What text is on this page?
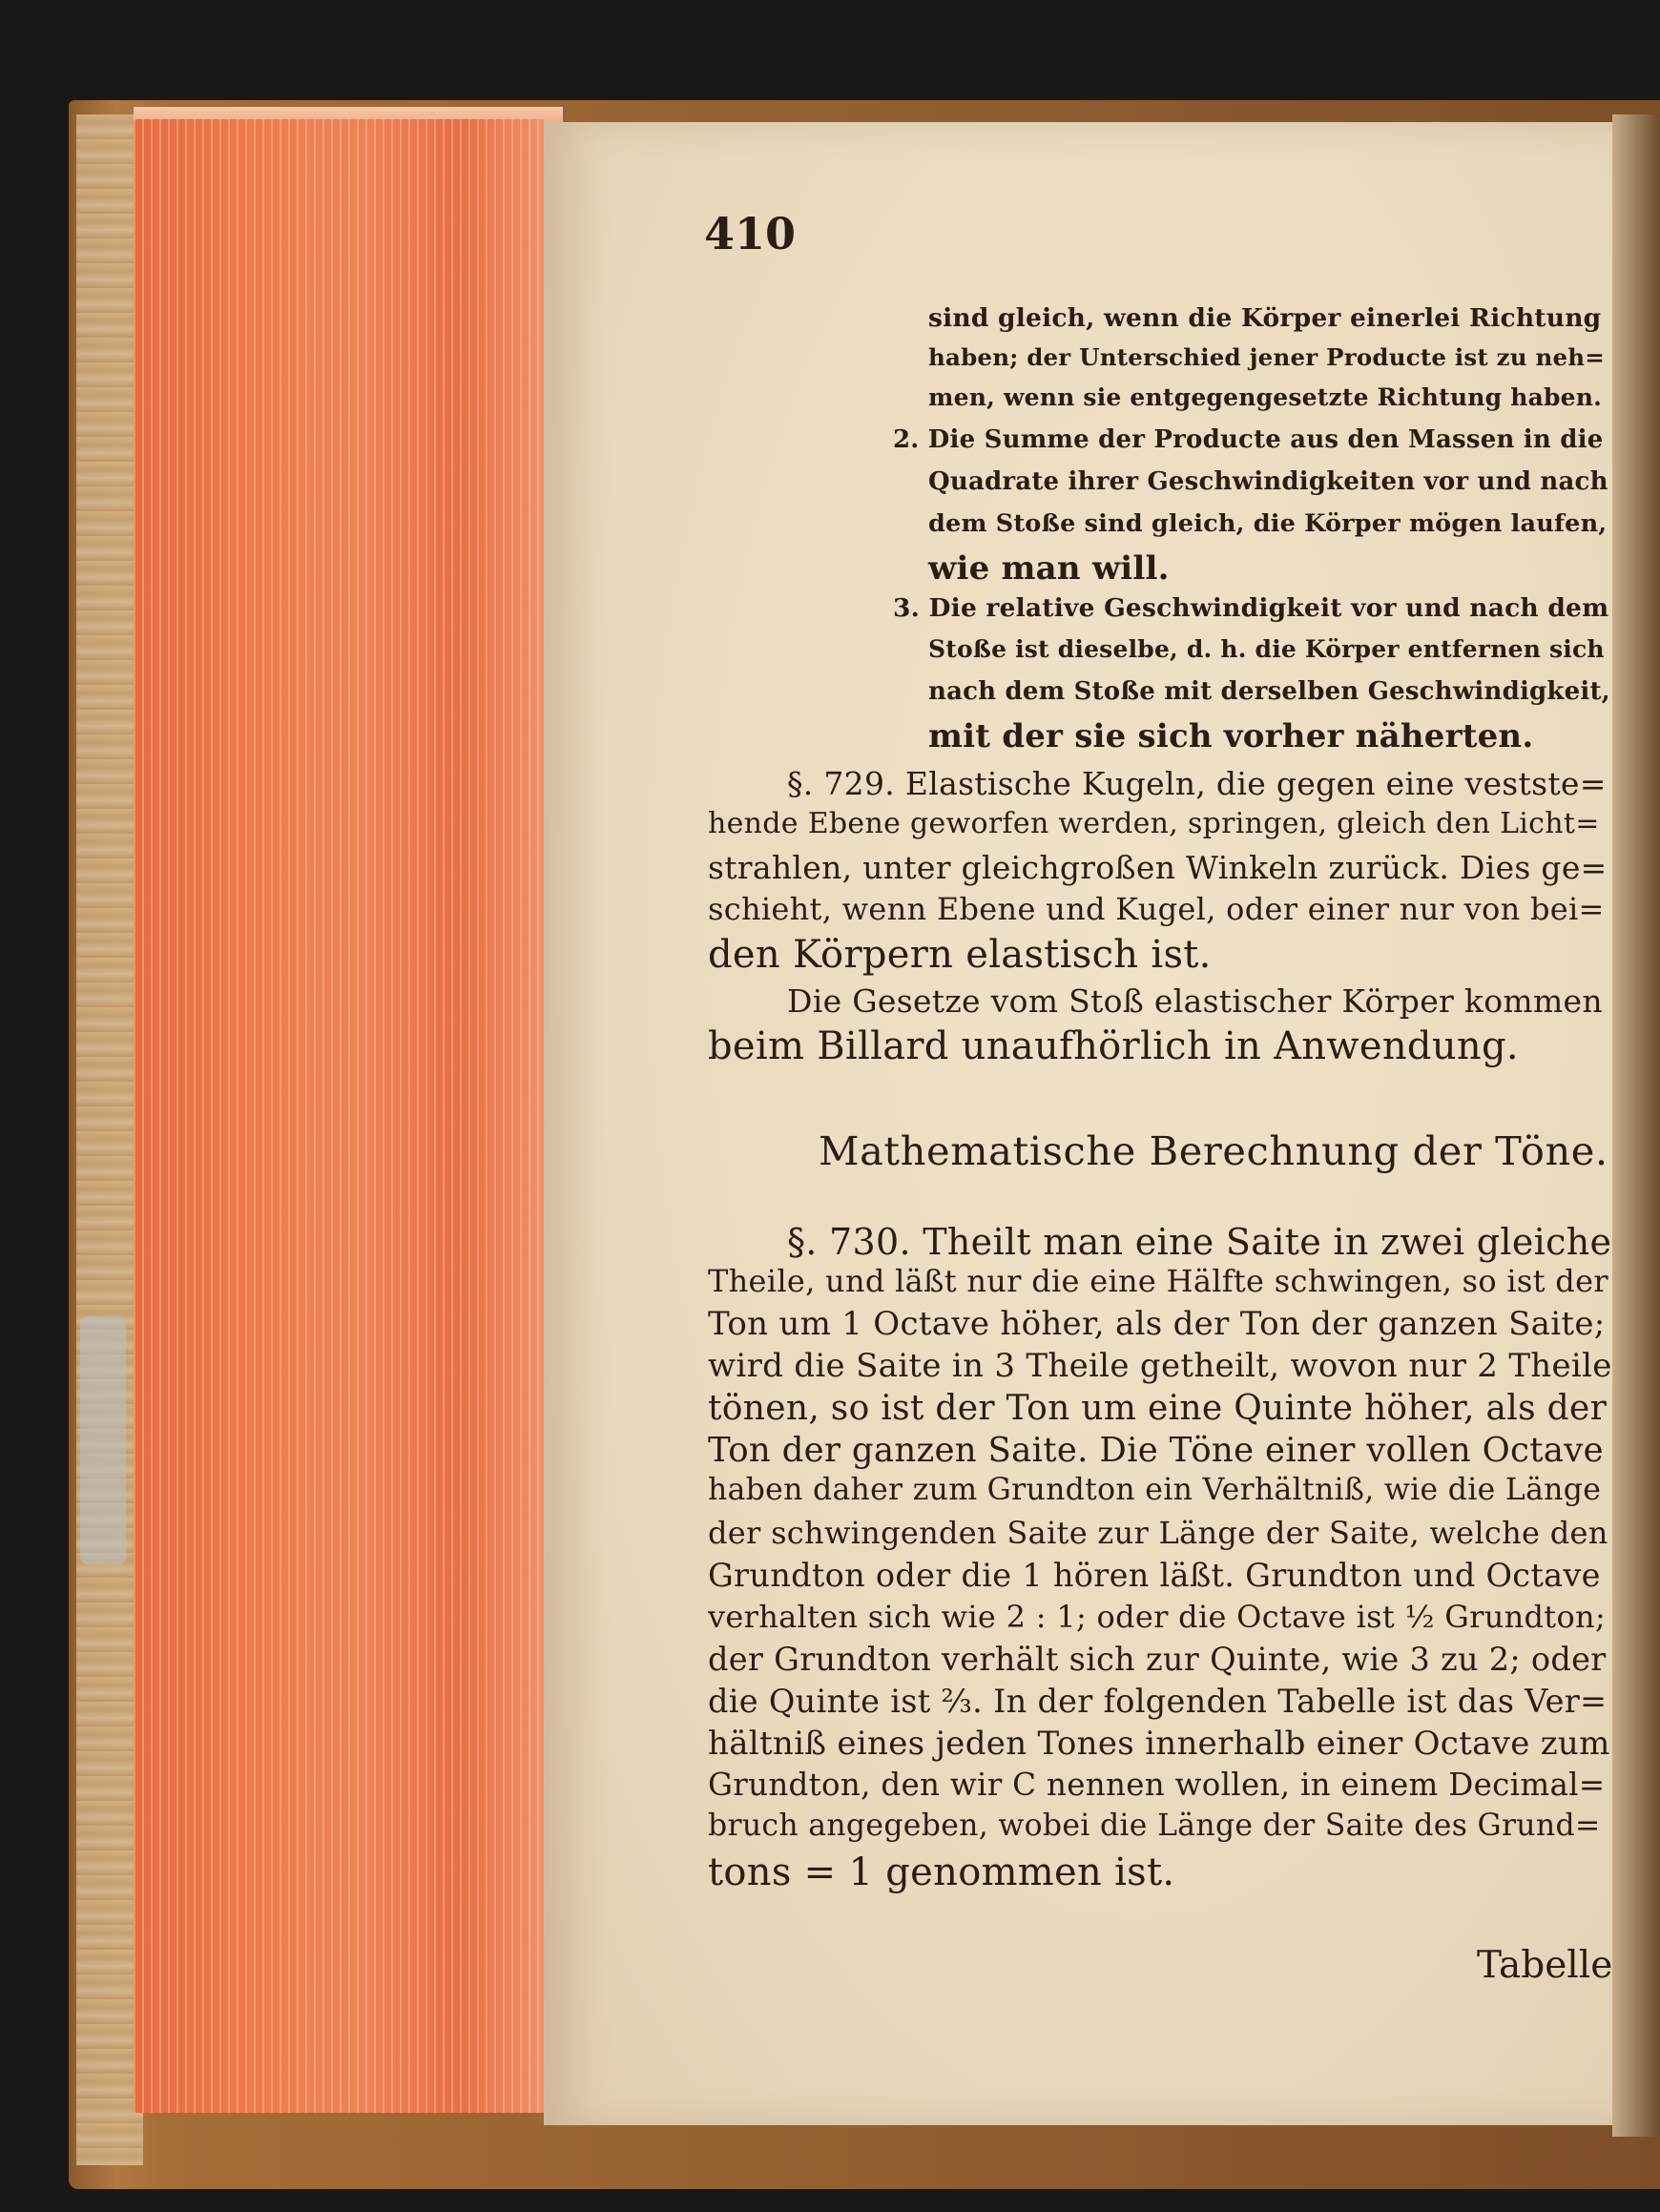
410
sind gleich, wenn die Körper einerlei Richtung
haben; der Unterschied jener Producte ist zu neh=
men, wenn sie entgegengesetzte Richtung haben.
2. Die Summe der Producte aus den Massen in die
Quadrate ihrer Geschwindigkeiten vor und nach
dem Stoße sind gleich, die Körper mögen laufen,
wie man will.
3. Die relative Geschwindigkeit vor und nach dem
Stoße ist dieselbe, d. h. die Körper entfernen sich
nach dem Stoße mit derselben Geschwindigkeit,
mit der sie sich vorher näherten.
§. 729. Elastische Kugeln, die gegen eine vestste=
hende Ebene geworfen werden, springen, gleich den Licht=
strahlen, unter gleichgroßen Winkeln zurück. Dies ge=
schieht, wenn Ebene und Kugel, oder einer nur von bei=
den Körpern elastisch ist.
Die Gesetze vom Stoß elastischer Körper kommen
beim Billard unaufhörlich in Anwendung.
Mathematische Berechnung der Töne.
§. 730. Theilt man eine Saite in zwei gleiche
Theile, und läßt nur die eine Hälfte schwingen, so ist der
Ton um 1 Octave höher, als der Ton der ganzen Saite;
wird die Saite in 3 Theile getheilt, wovon nur 2 Theile
tönen, so ist der Ton um eine Quinte höher, als der
Ton der ganzen Saite. Die Töne einer vollen Octave
haben daher zum Grundton ein Verhältniß, wie die Länge
der schwingenden Saite zur Länge der Saite, welche den
Grundton oder die 1 hören läßt. Grundton und Octave
verhalten sich wie 2 : 1; oder die Octave ist ½ Grundton;
der Grundton verhält sich zur Quinte, wie 3 zu 2; oder
die Quinte ist ⅔. In der folgenden Tabelle ist das Ver=
hältniß eines jeden Tones innerhalb einer Octave zum
Grundton, den wir C nennen wollen, in einem Decimal=
bruch angegeben, wobei die Länge der Saite des Grund=
tons = 1 genommen ist.
Tabelle
